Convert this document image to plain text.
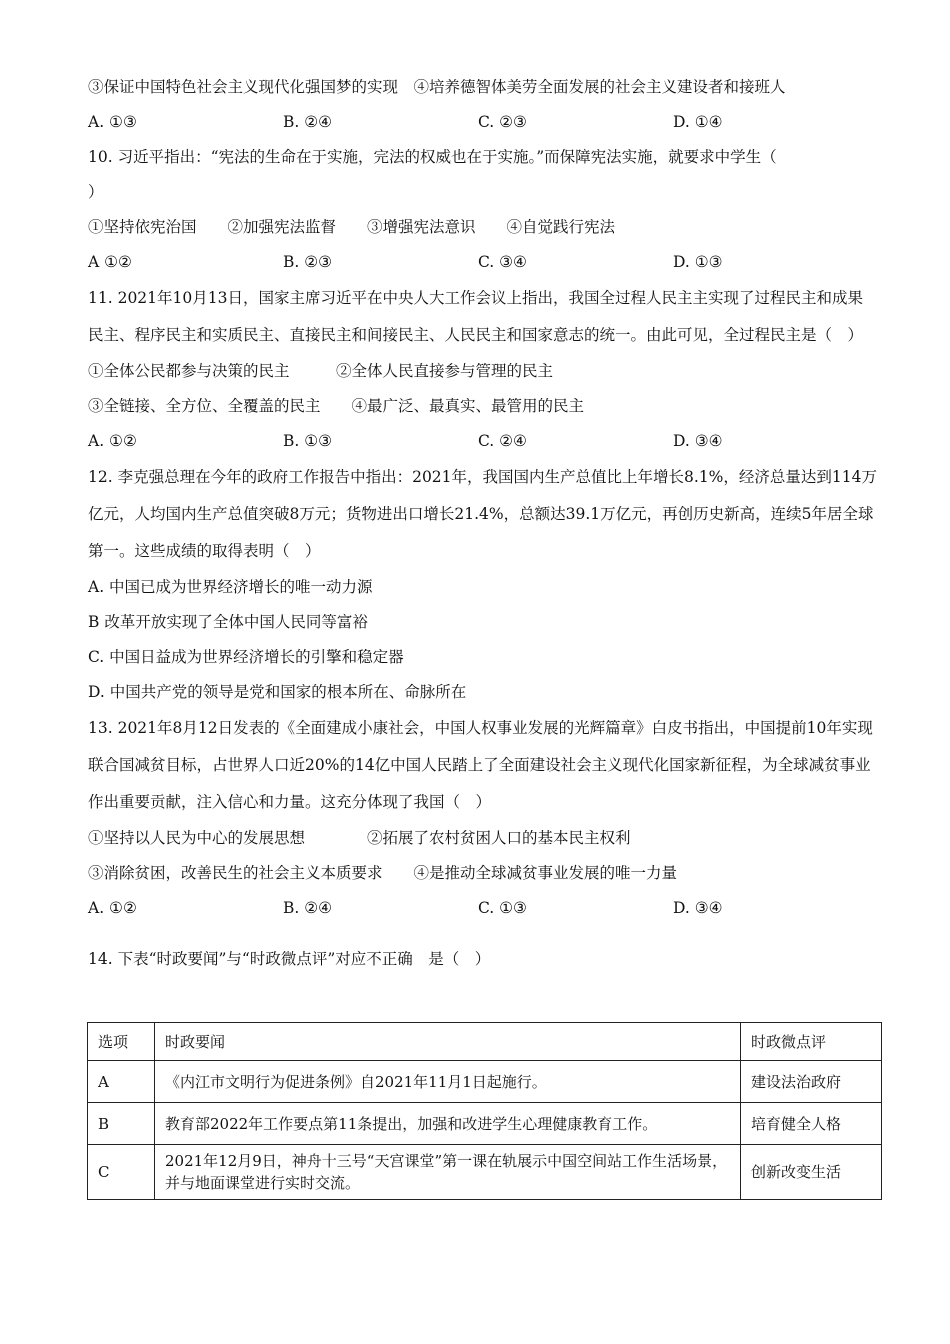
③保证中国特色社会主义现代化强国梦的实现　④培养德智体美劳全面发展的社会主义建设者和接班人
A. ①③	B. ②④	C. ②③	D. ①④
10. 习近平指出：“宪法的生命在于实施，完法的权威也在于实施。”而保障宪法实施，就要求中学生（
）
①坚持依宪治国　　②加强宪法监督　　③增强宪法意识　　④自觉践行宪法
A ①②	B. ②③	C. ③④	D. ①③
11. 2021年10月13日，国家主席习近平在中央人大工作会议上指出，我国全过程人民主主实现了过程民主和成果民主、程序民主和实质民主、直接民主和间接民主、人民民主和国家意志的统一。由此可见，全过程民主是（　）
①全体公民都参与决策的民主　　　②全体人民直接参与管理的民主
③全链接、全方位、全覆盖的民主　　④最广泛、最真实、最管用的民主
A. ①②	B. ①③	C. ②④	D. ③④
12. 李克强总理在今年的政府工作报告中指出：2021年，我国国内生产总值比上年增长8.1%，经济总量达到114万亿元，人均国内生产总值突破8万元；货物进出口增长21.4%，总额达39.1万亿元，再创历史新高，连续5年居全球第一。这些成绩的取得表明（　）
A. 中国已成为世界经济增长的唯一动力源
B 改革开放实现了全体中国人民同等富裕
C. 中国日益成为世界经济增长的引擎和稳定器
D. 中国共产党的领导是党和国家的根本所在、命脉所在
13. 2021年8月12日发表的《全面建成小康社会，中国人权事业发展的光辉篇章》白皮书指出，中国提前10年实现联合国减贫目标，占世界人口近20%的14亿中国人民踏上了全面建设社会主义现代化国家新征程，为全球减贫事业作出重要贡献，注入信心和力量。这充分体现了我国（　）
①坚持以人民为中心的发展思想　　　　②拓展了农村贫困人口的基本民主权利
③消除贫困，改善民生的社会主义本质要求　　④是推动全球减贫事业发展的唯一力量
A. ①②	B. ②④	C. ①③	D. ③④
14. 下表“时政要闻”与“时政微点评”对应不正确　是（　）
选项	时政要闻	时政微点评
A	《内江市文明行为促进条例》自2021年11月1日起施行。	建设法治政府
B	教育部2022年工作要点第11条提出，加强和改进学生心理健康教育工作。	培育健全人格
C	2021年12月9日，神舟十三号“天宫课堂”第一课在轨展示中国空间站工作生活场景，并与地面课堂进行实时交流。	创新改变生活
